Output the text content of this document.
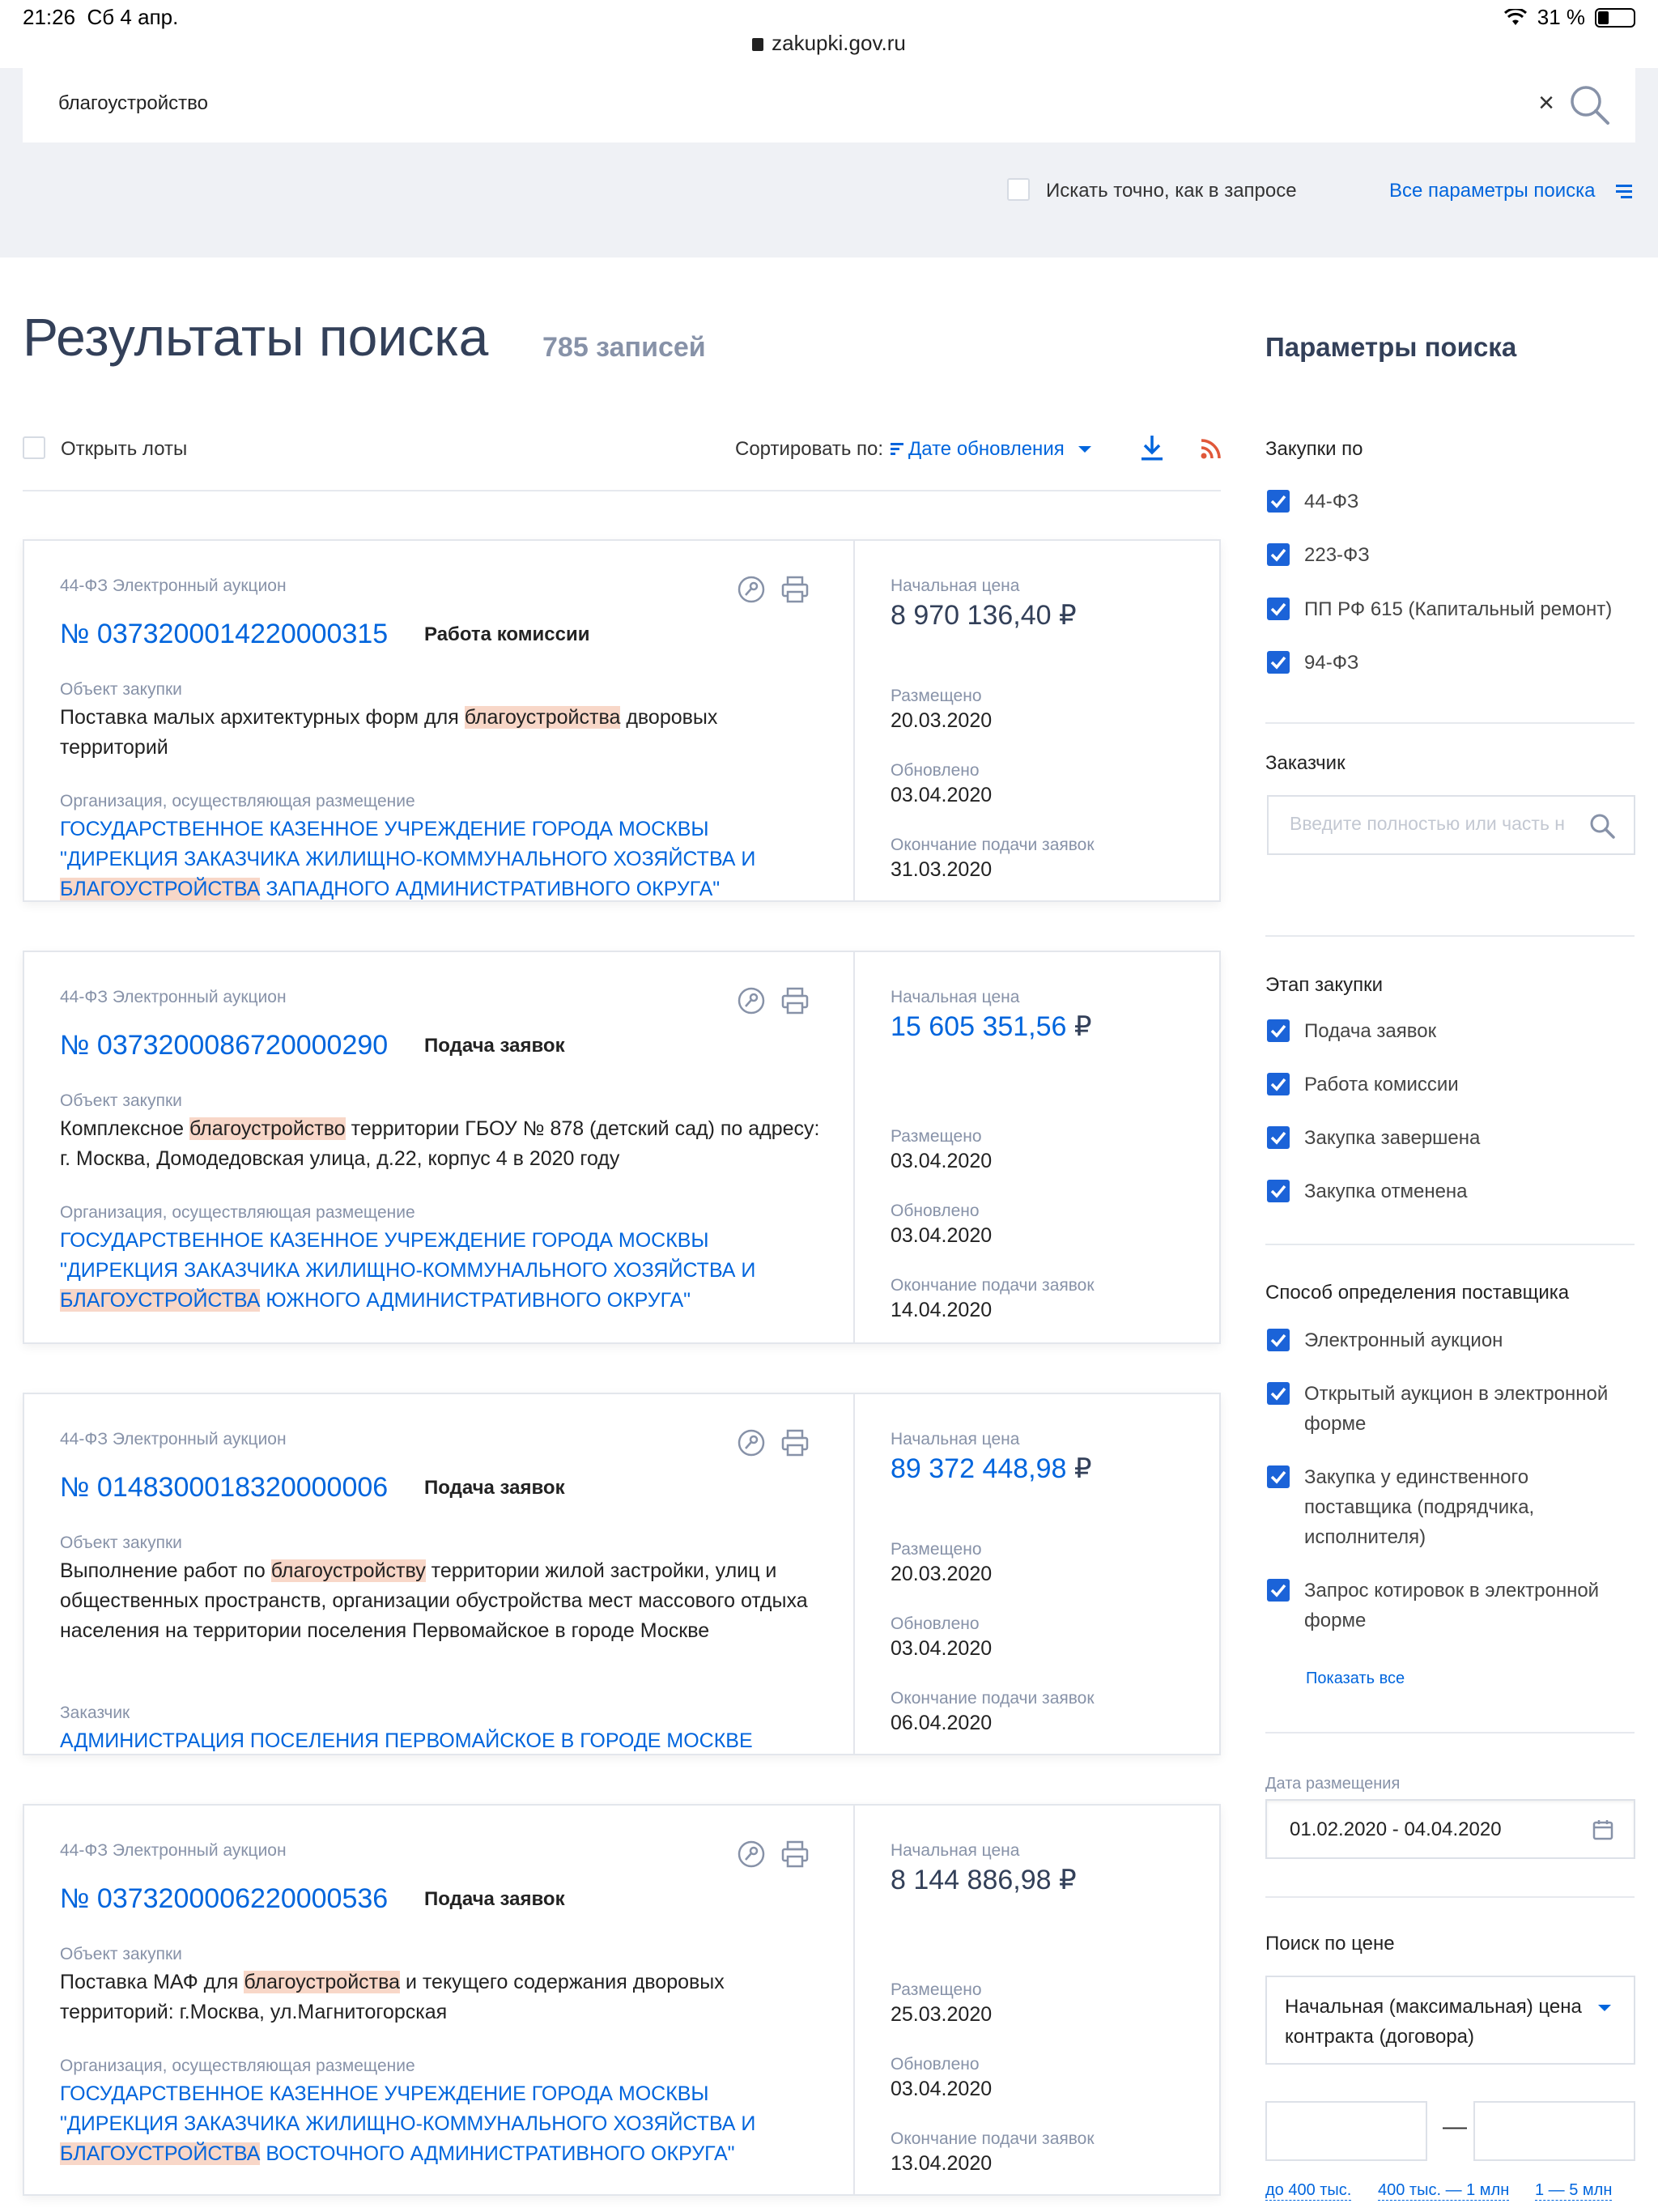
21:26 Сб 4 апр.
zakupki.gov.ru
31 %
благоустройство	×
Искать точно, как в запросе	Все параметры поиска
Результаты поиска 785 записей
Открыть лоты	Сортировать по: Дате обновления
44-ФЗ Электронный аукцион
№ 0373200014220000315 Работа комиссии
Объект закупки
Поставка малых архитектурных форм для благоустройства дворовых территорий
Организация, осуществляющая размещение
ГОСУДАРСТВЕННОЕ КАЗЕННОЕ УЧРЕЖДЕНИЕ ГОРОДА МОСКВЫ "ДИРЕКЦИЯ ЗАКАЗЧИКА ЖИЛИЩНО-КОММУНАЛЬНОГО ХОЗЯЙСТВА И БЛАГОУСТРОЙСТВА ЗАПАДНОГО АДМИНИСТРАТИВНОГО ОКРУГА"
Начальная цена
8 970 136,40 ₽
Размещено
20.03.2020
Обновлено
03.04.2020
Окончание подачи заявок
31.03.2020
44-ФЗ Электронный аукцион
№ 0373200086720000290 Подача заявок
Объект закупки
Комплексное благоустройство территории ГБОУ № 878 (детский сад) по адресу: г. Москва, Домодедовская улица, д.22, корпус 4 в 2020 году
Организация, осуществляющая размещение
ГОСУДАРСТВЕННОЕ КАЗЕННОЕ УЧРЕЖДЕНИЕ ГОРОДА МОСКВЫ "ДИРЕКЦИЯ ЗАКАЗЧИКА ЖИЛИЩНО-КОММУНАЛЬНОГО ХОЗЯЙСТВА И БЛАГОУСТРОЙСТВА ЮЖНОГО АДМИНИСТРАТИВНОГО ОКРУГА"
Начальная цена
15 605 351,56 ₽
Размещено
03.04.2020
Обновлено
03.04.2020
Окончание подачи заявок
14.04.2020
44-ФЗ Электронный аукцион
№ 0148300018320000006 Подача заявок
Объект закупки
Выполнение работ по благоустройству территории жилой застройки, улиц и общественных пространств, организации обустройства мест массового отдыха населения на территории поселения Первомайское в городе Москве
Заказчик
АДМИНИСТРАЦИЯ ПОСЕЛЕНИЯ ПЕРВОМАЙСКОЕ В ГОРОДЕ МОСКВЕ
Начальная цена
89 372 448,98 ₽
Размещено
20.03.2020
Обновлено
03.04.2020
Окончание подачи заявок
06.04.2020
44-ФЗ Электронный аукцион
№ 0373200006220000536 Подача заявок
Объект закупки
Поставка МАФ для благоустройства и текущего содержания дворовых территорий: г.Москва, ул.Магнитогорская
Организация, осуществляющая размещение
ГОСУДАРСТВЕННОЕ КАЗЕННОЕ УЧРЕЖДЕНИЕ ГОРОДА МОСКВЫ "ДИРЕКЦИЯ ЗАКАЗЧИКА ЖИЛИЩНО-КОММУНАЛЬНОГО ХОЗЯЙСТВА И БЛАГОУСТРОЙСТВА ВОСТОЧНОГО АДМИНИСТРАТИВНОГО ОКРУГА"
Начальная цена
8 144 886,98 ₽
Размещено
25.03.2020
Обновлено
03.04.2020
Окончание подачи заявок
13.04.2020
Параметры поиска
Закупки по
44-ФЗ
223-ФЗ
ПП РФ 615 (Капитальный ремонт)
94-ФЗ
Заказчик
Введите полностью или часть н
Этап закупки
Подача заявок
Работа комиссии
Закупка завершена
Закупка отменена
Способ определения поставщика
Электронный аукцион
Открытый аукцион в электронной форме
Закупка у единственного поставщика (подрядчика, исполнителя)
Запрос котировок в электронной форме
Показать все
Дата размещения
01.02.2020 - 04.04.2020
Поиск по цене
Начальная (максимальная) цена контракта (договора)
—
до 400 тыс. 400 тыс. — 1 млн 1 — 5 млн
